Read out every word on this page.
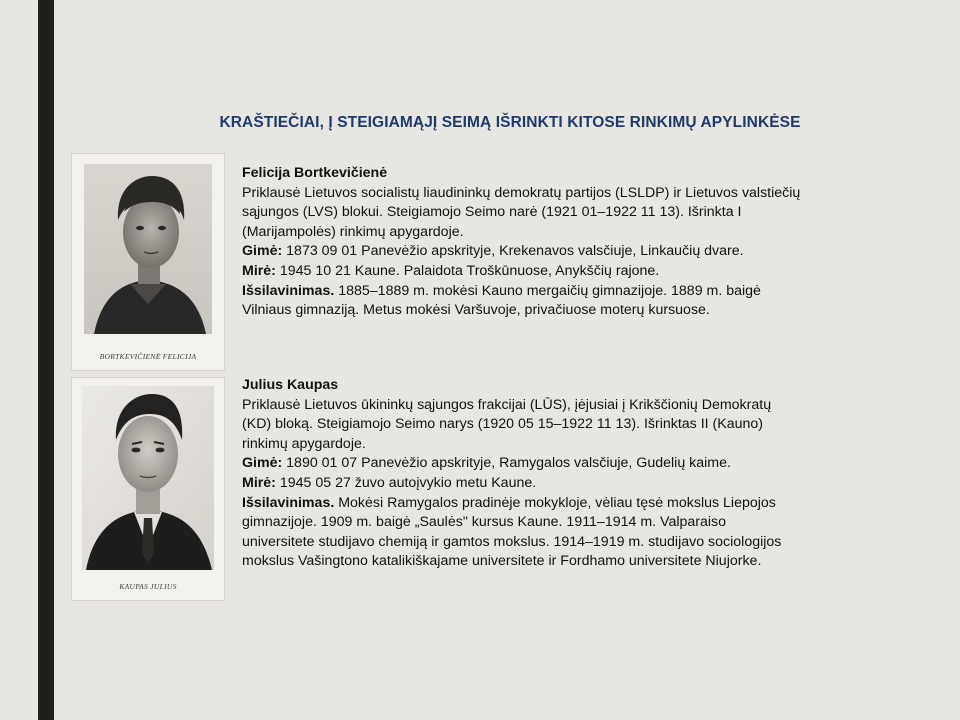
KRAŠTIEČIAI, Į STEIGIAMĄJĮ SEIMĄ IŠRINKTI KITOSE RINKIMŲ APYLINKĖSE
BORTKEVIČIENĖ FELICIJA
KAUPAS JULIUS
Felicija Bortkevičienė
Priklausė Lietuvos socialistų liaudininkų demokratų partijos (LSLDP) ir Lietuvos valstiečių
sąjungos (LVS) blokui. Steigiamojo Seimo narė (1921 01–1922 11 13). Išrinkta I
(Marijampolės) rinkimų apygardoje.
Gimė: 1873 09 01 Panevėžio apskrityje, Krekenavos valsčiuje, Linkaučių dvare.
Mirė: 1945 10 21 Kaune. Palaidota Troškūnuose, Anykščių rajone.
Išsilavinimas. 1885–1889 m. mokėsi Kauno mergaičių gimnazijoje. 1889 m. baigė
Vilniaus gimnaziją. Metus mokėsi Varšuvoje, privačiuose moterų kursuose.
Julius Kaupas
Priklausė Lietuvos ūkininkų sąjungos frakcijai (LŪS), įėjusiai į Krikščionių Demokratų
(KD) bloką. Steigiamojo Seimo narys (1920 05 15–1922 11 13). Išrinktas II (Kauno)
rinkimų apygardoje.
Gimė: 1890 01 07 Panevėžio apskrityje, Ramygalos valsčiuje, Gudelių kaime.
Mirė: 1945 05 27 žuvo autoįvykio metu Kaune.
Išsilavinimas. Mokėsi Ramygalos pradinėje mokykloje, vėliau tęsė mokslus Liepojos
gimnazijoje. 1909 m. baigė „Saulės" kursus Kaune. 1911–1914 m. Valparaiso
universitete studijavo chemiją ir gamtos mokslus. 1914–1919 m. studijavo sociologijos
mokslus Vašingtono katalikiškajame universitete ir Fordhamo universitete Niujorke.
